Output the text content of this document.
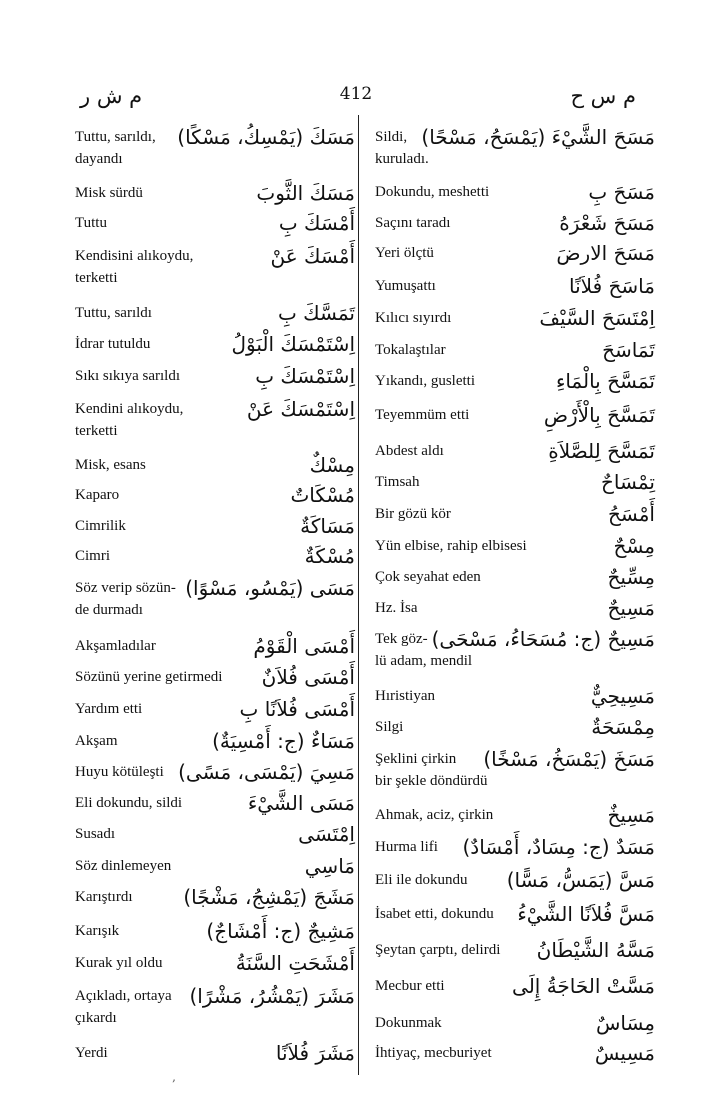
م ش ر	412	م س ح
Tuttu, sarıldı,
dayandı
مَسَكَ (يَمْسِكُ، مَسْكًا)
Misk sürdü	مَسَكَ الثَّوبَ
Tuttu	أَمْسَكَ بِ
Kendisini alıkoydu,
terketti
أَمْسَكَ عَنْ
Tuttu, sarıldı	تَمَسَّكَ بِ
İdrar tutuldu	اِسْتَمْسَكَ الْبَوْلُ
Sıkı sıkıya sarıldı	اِسْتَمْسَكَ بِ
Kendini alıkoydu,
terketti
اِسْتَمْسَكَ عَنْ
Misk, esans	مِسْكٌ
Kaparo	مُسْكَاتٌ
Cimrilik	مَسَاكَةٌ
Cimri	مُسْكَةٌ
Söz verip sözün-
de durmadı
مَسَى (يَمْسُو، مَسْوًا)
Akşamladılar	أَمْسَى الْقَوْمُ
Sözünü yerine getirmedi أَمْسَى فُلاَنٌ
Yardım etti	أَمْسَى فُلاَنًا بِ
Akşam	مَسَاءٌ (ج: أَمْسِيَةٌ)
Huyu kötüleşti مَسِيَ (يَمْسَى، مَسًى)
Eli dokundu, sildi	مَسَى الشَّيْءَ
Susadı	اِمْتَسَى
Söz dinlemeyen	مَاسِي
Karıştırdı	مَشَجَ (يَمْشِجُ، مَشْجًا)
Karışık	مَشِيجٌ (ج: أَمْشَاجٌ)
Kurak yıl oldu	أَمْشَحَتِ السَّنَةُ
Açıkladı, ortaya
çıkardı
مَشَرَ (يَمْشُرُ، مَشْرًا)
Yerdi	مَشَرَ فُلاَنًا
Sildi,
kuruladı.
مَسَحَ الشَّيْءَ (يَمْسَحُ، مَسْحًا)
Dokundu, meshetti	مَسَحَ بِ
Saçını taradı	مَسَحَ شَعْرَهُ
Yeri ölçtü	مَسَحَ الارضَ
Yumuşattı	مَاسَحَ فُلاَنًا
Kılıcı sıyırdı	اِمْتَسَحَ السَّيْفَ
Tokalaştılar	تَمَاسَحَ
Yıkandı, gusletti	تَمَسَّحَ بِالْمَاءِ
Teyemmüm etti	تَمَسَّحَ بِالْأَرْضِ
Abdest aldı	تَمَسَّحَ لِلصَّلاَةِ
Timsah	تِمْسَاحٌ
Bir gözü kör	أَمْسَحُ
Yün elbise, rahip elbisesi	مِسْحٌ
Çok seyahat eden	مِسِّيحٌ
Hz. İsa	مَسِيحٌ
Tek göz-
lü adam, mendil
مَسِيحٌ (ج: مُسَحَاءُ، مَسْحَى)
Hıristiyan	مَسِيحِيٌّ
Silgi	مِمْسَحَةٌ
Şeklini çirkin
bir şekle döndürdü
مَسَخَ (يَمْسَخُ، مَسْخًا)
Ahmak, aciz, çirkin	مَسِيخٌ
Hurma lifi مَسَدٌ (ج: مِسَادٌ، أَمْسَادٌ)
Eli ile dokundu مَسَّ (يَمَسُّ، مَسًّا)
İsabet etti, dokundu مَسَّ فُلاَنًا الشَّيْءُ
Şeytan çarptı, delirdi مَسَّهُ الشَّيْطَانُ
Mecbur etti	مَسَّتْ الحَاجَةُ إِلَى
Dokunmak	مِسَاسٌ
İhtiyaç, mecburiyet	مَسِيسٌ
‚
